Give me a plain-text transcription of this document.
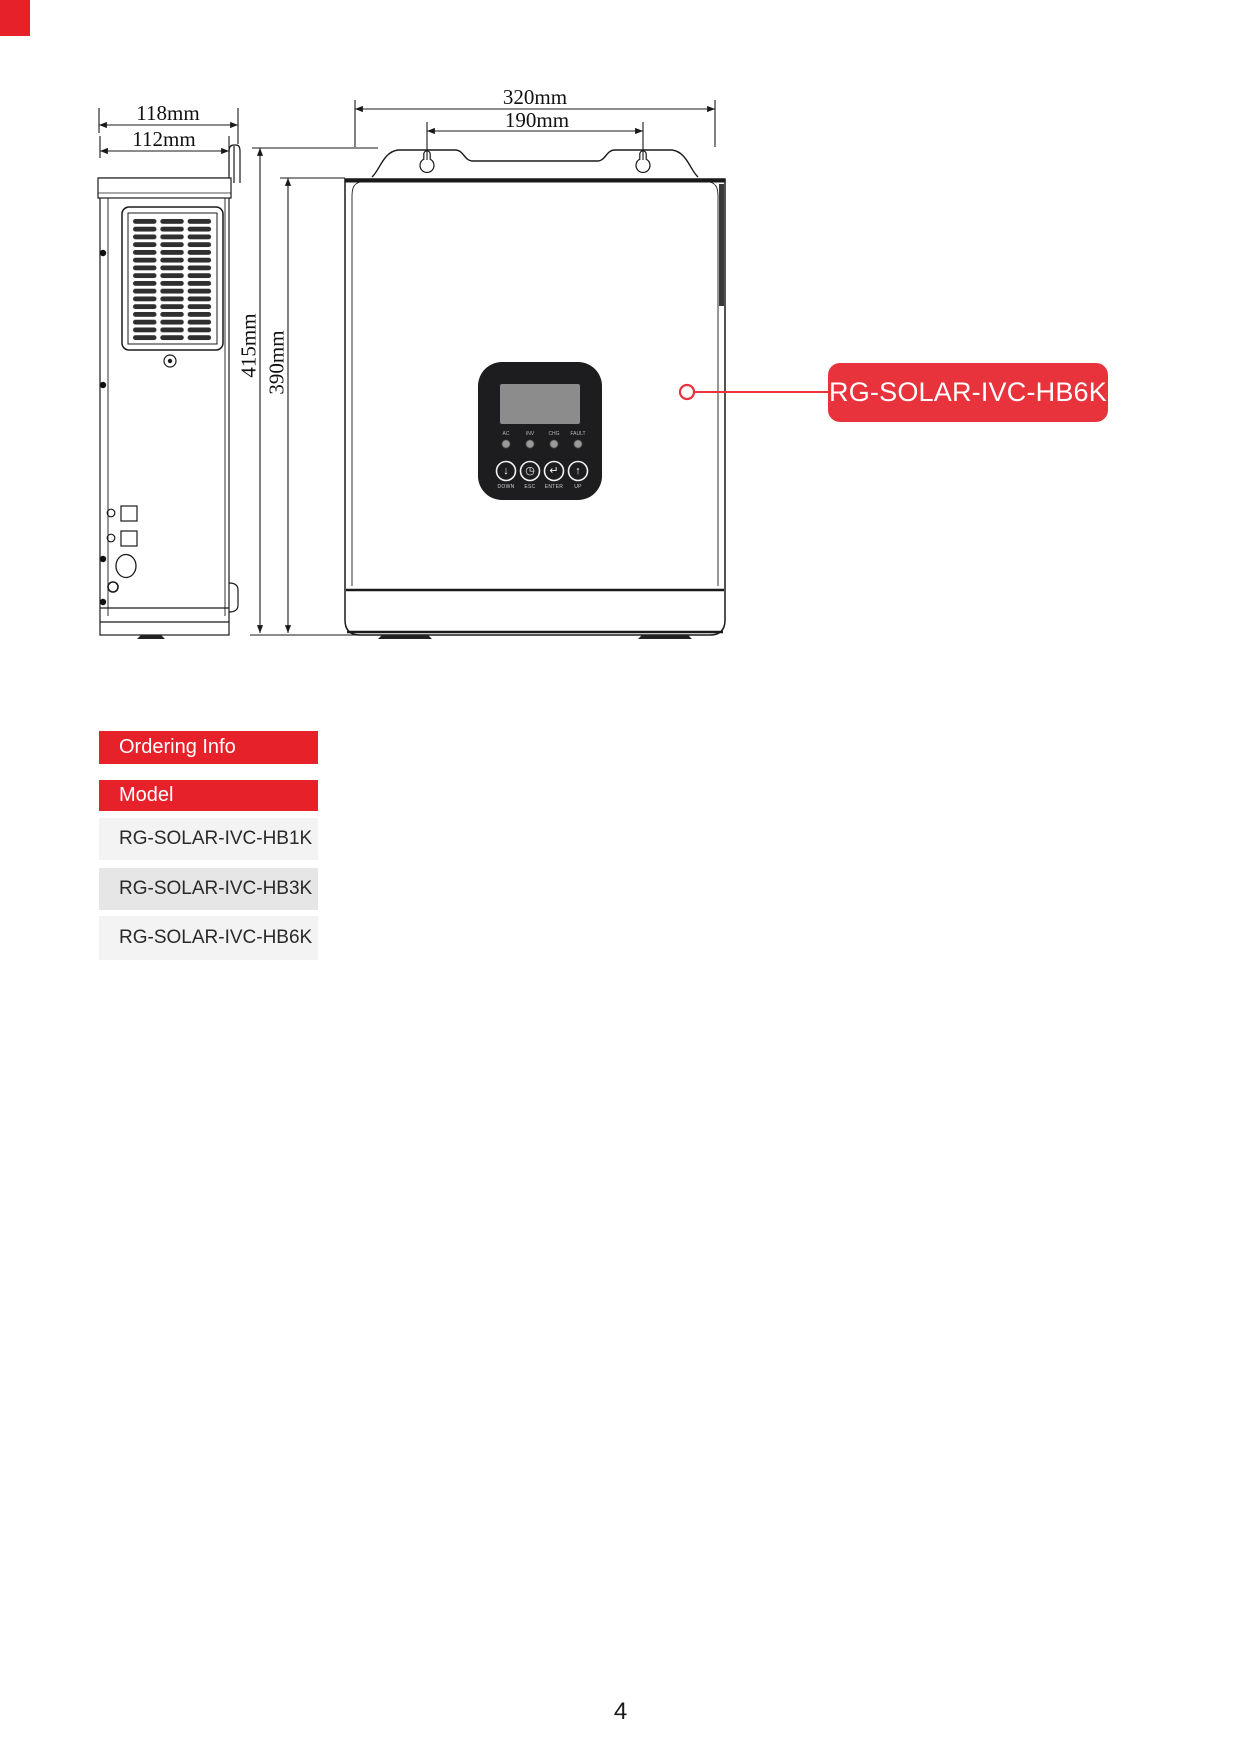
118mm
112mm
320mm
190mm
415mm 390mm
AC	INV	CHG	FAULT
↓	◷	↵	↑
DOWN	ESC	ENTER	UP
RG-SOLAR-IVC-HB6K
Ordering Info
Model
RG-SOLAR-IVC-HB1K
RG-SOLAR-IVC-HB3K
RG-SOLAR-IVC-HB6K
4
